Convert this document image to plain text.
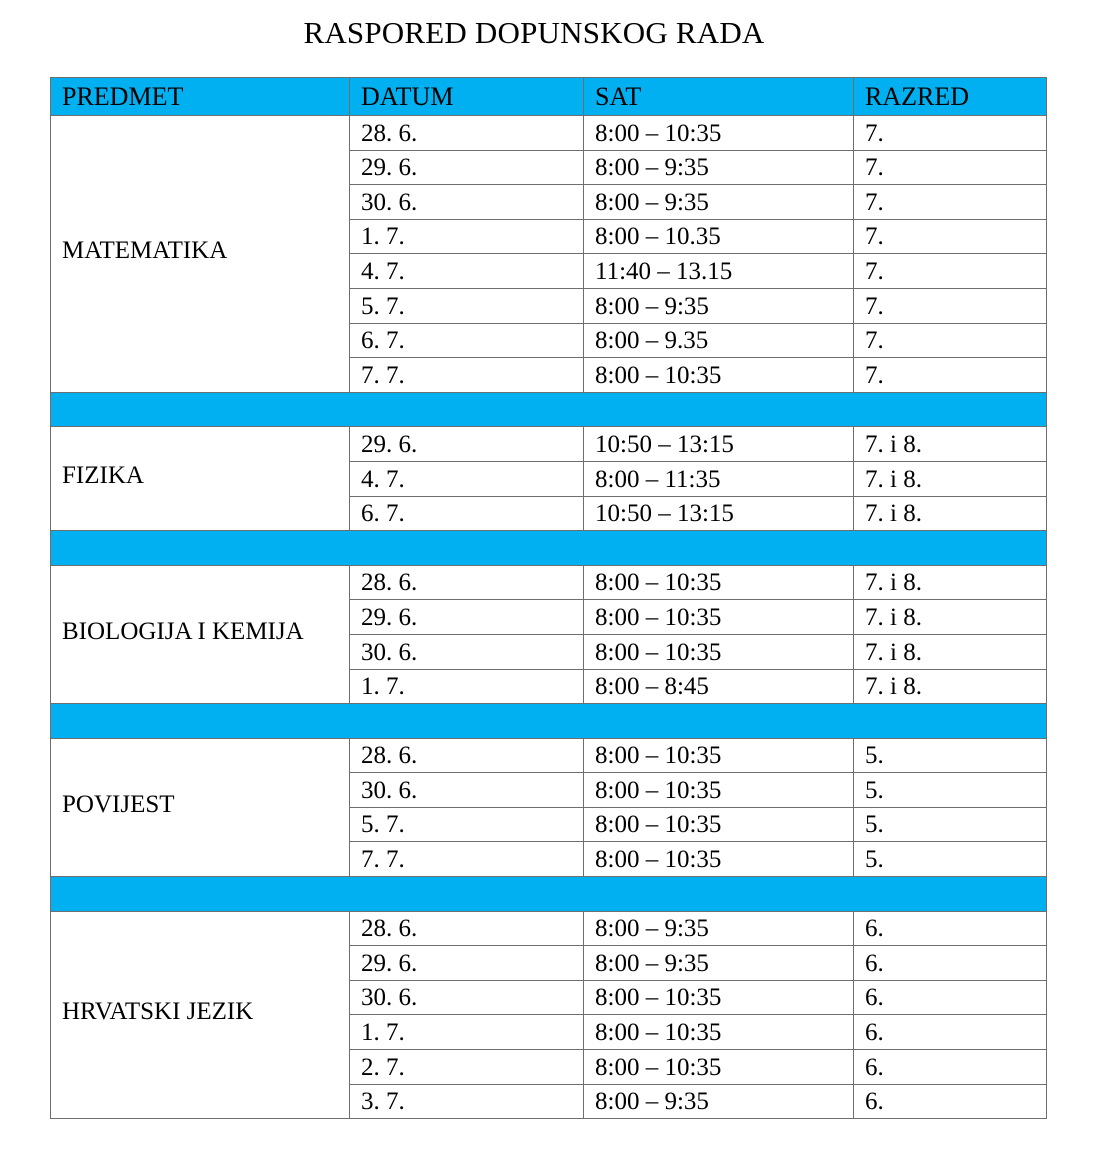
RASPORED DOPUNSKOG RADA
PREDMET	DATUM	SAT	RAZRED
MATEMATIKA	28. 6.	8:00 – 10:35	7.
	29. 6.	8:00 – 9:35	7.
	30. 6.	8:00 – 9:35	7.
	1. 7.	8:00 – 10.35	7.
	4. 7.	11:40 – 13.15	7.
	5. 7.	8:00 – 9:35	7.
	6. 7.	8:00 – 9.35	7.
	7. 7.	8:00 – 10:35	7.

FIZIKA	29. 6.	10:50 – 13:15	7. i 8.
	4. 7.	8:00 – 11:35	7. i 8.
	6. 7.	10:50 – 13:15	7. i 8.

BIOLOGIJA I KEMIJA	28. 6.	8:00 – 10:35	7. i 8.
	29. 6.	8:00 – 10:35	7. i 8.
	30. 6.	8:00 – 10:35	7. i 8.
	1. 7.	8:00 – 8:45	7. i 8.

POVIJEST	28. 6.	8:00 – 10:35	5.
	30. 6.	8:00 – 10:35	5.
	5. 7.	8:00 – 10:35	5.
	7. 7.	8:00 – 10:35	5.

HRVATSKI JEZIK	28. 6.	8:00 – 9:35	6.
	29. 6.	8:00 – 9:35	6.
	30. 6.	8:00 – 10:35	6.
	1. 7.	8:00 – 10:35	6.
	2. 7.	8:00 – 10:35	6.
	3. 7.	8:00 – 9:35	6.
